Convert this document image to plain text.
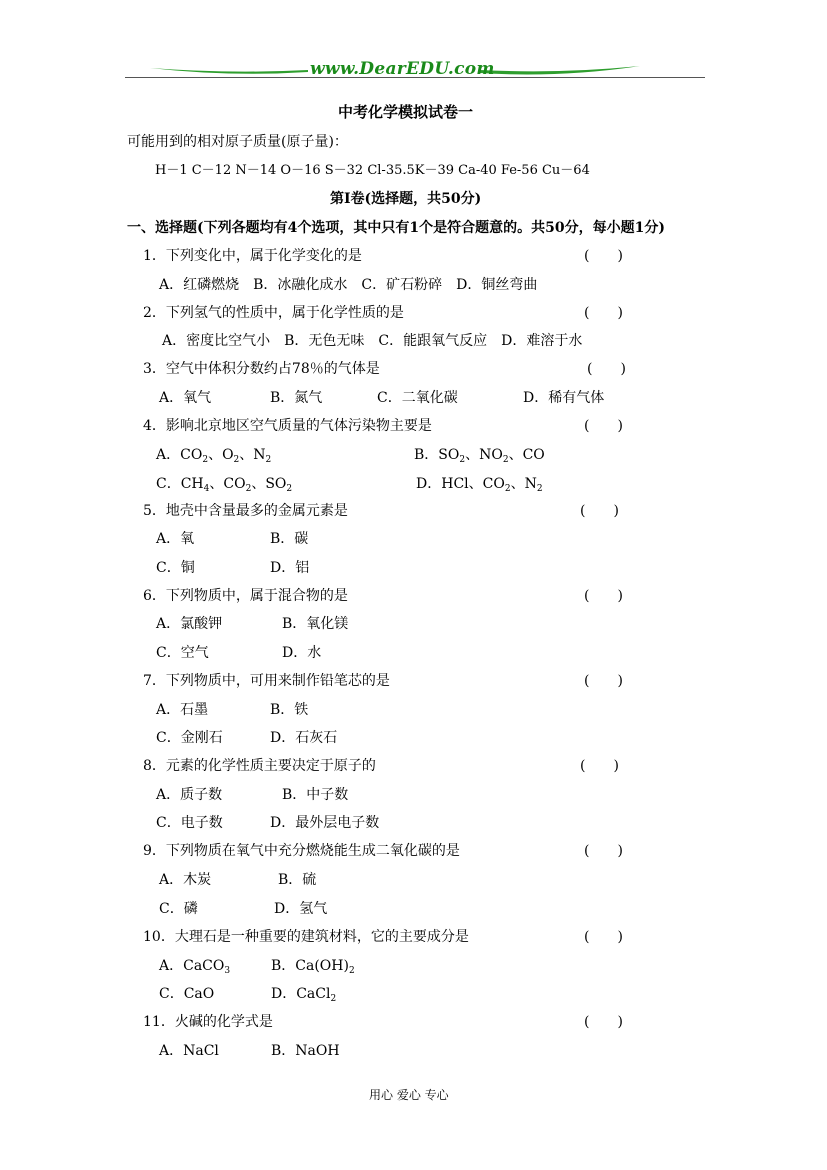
www.DearEDU.com
中考化学模拟试卷一
可能用到的相对原子质量(原子量)：
H－1 C－12 N－14 O－16 S－32 Cl-35.5K－39 Ca-40 Fe-56 Cu－64
第Ⅰ卷(选择题，共50分)
一、选择题(下列各题均有4个选项，其中只有1个是符合题意的。共50分，每小题1分)
1．下列变化中，属于化学变化的是	(　　)
A．红磷燃烧　B．冰融化成水　C．矿石粉碎　D．铜丝弯曲
2．下列氢气的性质中，属于化学性质的是	(　　)
A．密度比空气小　B．无色无味　C．能跟氧气反应　D．难溶于水
3．空气中体积分数约占78％的气体是	(　　)
A．氧气	B．氮气	C．二氧化碳	D．稀有气体
4．影响北京地区空气质量的气体污染物主要是	(　　)
A．$CO_2$、$O_2$、$N_2$	B．$SO_2$、$NO_2$、CO
C．$CH_4$、$CO_2$、$SO_2$	D．HCl、$CO_2$、$N_2$
5．地壳中含量最多的金属元素是	(　　)
A．氧	B．碳
C．铜	D．铝
6．下列物质中，属于混合物的是	(　　)
A．氯酸钾	B．氧化镁
C．空气	D．水
7．下列物质中，可用来制作铅笔芯的是	(　　)
A．石墨	B．铁
C．金刚石	D．石灰石
8．元素的化学性质主要决定于原子的	(　　)
A．质子数	B．中子数
C．电子数	D．最外层电子数
9．下列物质在氧气中充分燃烧能生成二氧化碳的是	(　　)
A．木炭	B．硫
C．磷	D．氢气
10．大理石是一种重要的建筑材料，它的主要成分是	(　　)
A．CaCO$_3$	B．$Ca(OH)_2$
C．CaO	D．CaCl$_2$
11．火碱的化学式是	(　　)
A．NaCl	B．NaOH
用心 爱心 专心
